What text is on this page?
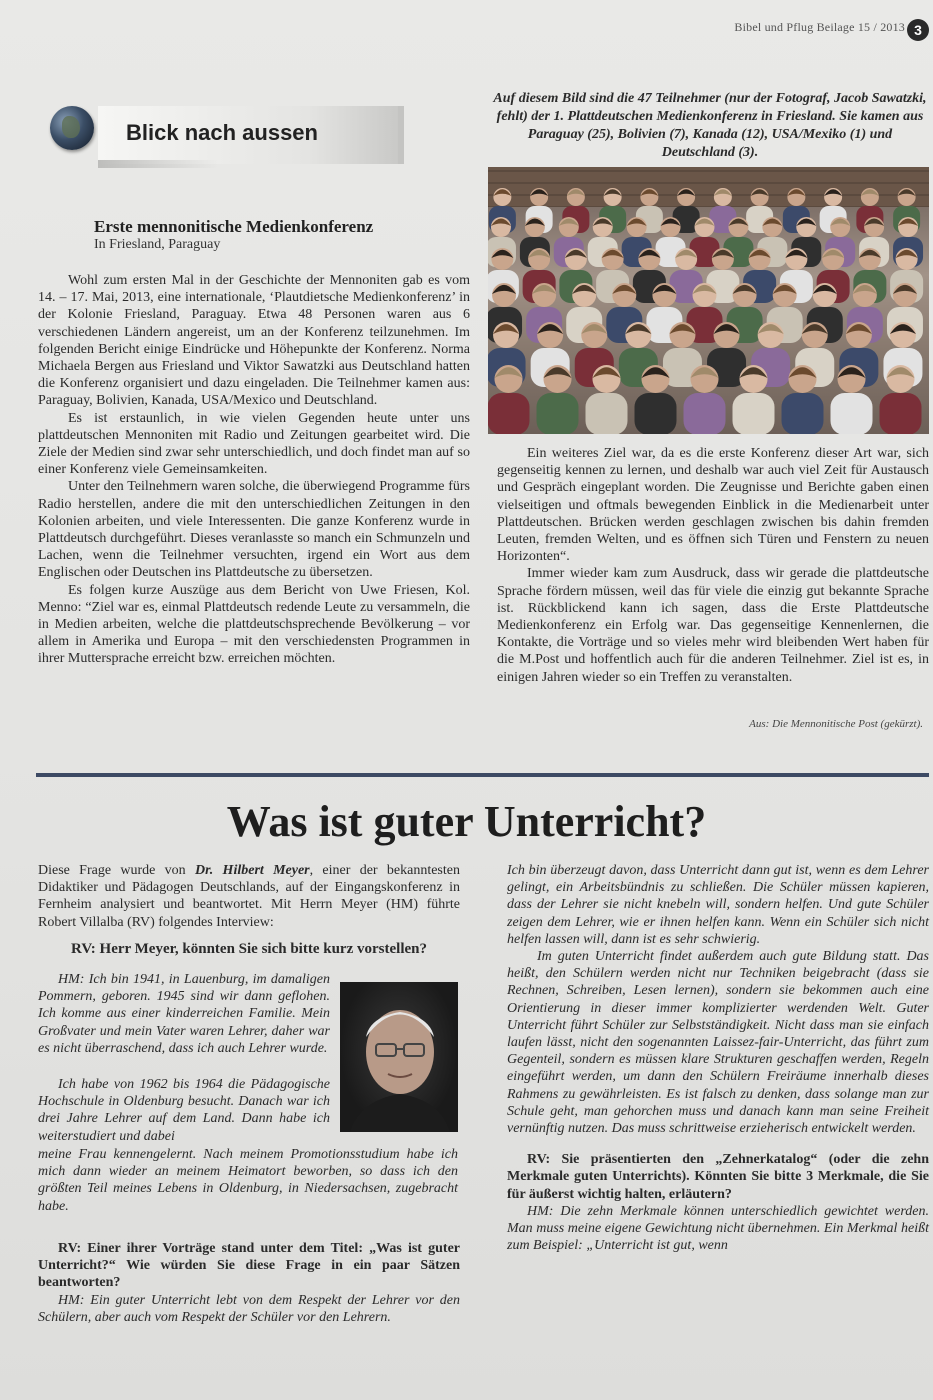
Bibel und Pflug Beilage 15 / 2013 3
Blick nach aussen
Erste mennonitische Medienkonferenz
In Friesland, Paraguay

Wohl zum ersten Mal in der Geschichte der Mennoniten gab es vom 14. – 17. Mai, 2013, eine internationale, ‘Plautdietsche Medienkonferenz’ in der Kolonie Friesland, Paraguay. Etwa 48 Personen waren aus 6 verschiedenen Ländern angereist, um an der Konferenz teilzunehmen. Im folgenden Bericht einige Eindrücke und Höhepunkte der Konferenz. Norma Michaela Bergen aus Friesland und Viktor Sawatzki aus Deutschland hatten die Konferenz organisiert und dazu eingeladen. Die Teilnehmer kamen aus: Paraguay, Bolivien, Kanada, USA/Mexico und Deutschland.

Es ist erstaunlich, in wie vielen Gegenden heute unter uns plattdeutschen Mennoniten mit Radio und Zeitungen gearbeitet wird. Die Ziele der Medien sind zwar sehr unterschiedlich, und doch findet man auf so einer Konferenz viele Gemeinsamkeiten.

Unter den Teilnehmern waren solche, die überwiegend Programme fürs Radio herstellen, andere die mit den unterschiedlichen Zeitungen in den Kolonien arbeiten, und viele Interessenten. Die ganze Konferenz wurde in Plattdeutsch durchgeführt. Dieses veranlasste so manch ein Schmunzeln und Lachen, wenn die Teilnehmer versuchten, irgend ein Wort aus dem Englischen oder Deutschen ins Plattdeutsche zu übersetzen.

Es folgen kurze Auszüge aus dem Bericht von Uwe Friesen, Kol. Menno: “Ziel war es, einmal Plattdeutsch redende Leute zu versammeln, die in Medien arbeiten, welche die plattdeutschsprechende Bevölkerung – vor allem in Amerika und Europa – mit den verschiedensten Programmen in ihrer Muttersprache erreicht bzw. erreichen möchten.

Auf diesem Bild sind die 47 Teilnehmer (nur der Fotograf, Jacob Sawatzki, fehlt) der 1. Plattdeutschen Medienkonferenz in Friesland. Sie kamen aus Paraguay (25), Bolivien (7), Kanada (12), USA/Mexiko (1) und Deutschland (3).

Ein weiteres Ziel war, da es die erste Konferenz dieser Art war, sich gegenseitig kennen zu lernen, und deshalb war auch viel Zeit für Austausch und Gespräch eingeplant worden. Die Zeugnisse und Berichte gaben einen vielseitigen und oftmals bewegenden Einblick in die Medienarbeit unter Plattdeutschen. Brücken werden geschlagen zwischen bis dahin fremden Leuten, fremden Welten, und es öffnen sich Türen und Fenstern zu neuen Horizonten“.

Immer wieder kam zum Ausdruck, dass wir gerade die plattdeutsche Sprache fördern müssen, weil das für viele die einzig gut bekannte Sprache ist. Rückblickend kann ich sagen, dass die Erste Plattdeutsche Medienkonferenz ein Erfolg war. Das gegenseitige Kennenlernen, die Kontakte, die Vorträge und so vieles mehr wird bleibenden Wert haben für die M.Post und hoffentlich auch für die anderen Teilnehmer. Ziel ist es, in einigen Jahren wieder so ein Treffen zu veranstalten.

Aus: Die Mennonitische Post (gekürzt).
Was ist guter Unterricht?

Diese Frage wurde von Dr. Hilbert Meyer, einer der bekanntesten Didaktiker und Pädagogen Deutschlands, auf der Eingangskonferenz in Fernheim analysiert und beantwortet. Mit Herrn Meyer (HM) führte Robert Villalba (RV) folgendes Interview:

RV: Herr Meyer, könnten Sie sich bitte kurz vorstellen?

HM: Ich bin 1941, in Lauenburg, im damaligen Pommern, geboren. 1945 sind wir dann geflohen. Ich komme aus einer kinderreichen Familie. Mein Großvater und mein Vater waren Lehrer, daher war es nicht überraschend, dass ich auch Lehrer wurde.
Ich habe von 1962 bis 1964 die Pädagogische Hochschule in Oldenburg besucht. Danach war ich drei Jahre Lehrer auf dem Land. Dann habe ich weiterstudiert und dabei
meine Frau kennengelernt. Nach meinem Promotionsstudium habe ich mich dann wieder an meinem Heimatort beworben, so dass ich den größten Teil meines Lebens in Oldenburg, in Niedersachsen, zugebracht habe.

RV: Einer ihrer Vorträge stand unter dem Titel: „Was ist guter Unterricht?“ Wie würden Sie diese Frage in ein paar Sätzen beantworten?

HM: Ein guter Unterricht lebt von dem Respekt der Lehrer vor den Schülern, aber auch vom Respekt der Schüler vor den Lehrern.

Ich bin überzeugt davon, dass Unterricht dann gut ist, wenn es dem Lehrer gelingt, ein Arbeitsbündnis zu schließen. Die Schüler müssen kapieren, dass der Lehrer sie nicht knebeln will, sondern helfen. Und gute Schüler zeigen dem Lehrer, wie er ihnen helfen kann. Wenn ein Schüler sich nicht helfen lassen will, dann ist es sehr schwierig.

Im guten Unterricht findet außerdem auch gute Bildung statt. Das heißt, den Schülern werden nicht nur Techniken beigebracht (dass sie Rechnen, Schreiben, Lesen lernen), sondern sie bekommen auch eine Orientierung in dieser immer komplizierter werdenden Welt. Guter Unterricht führt Schüler zur Selbstständigkeit. Nicht dass man sie einfach laufen lässt, nicht den sogenannten Laissez-fair-Unterricht, das führt zum Gegenteil, sondern es müssen klare Strukturen geschaffen werden, Regeln eingeführt werden, um dann den Schülern Freiräume innerhalb dieses Rahmens zu gewährleisten. Es ist falsch zu denken, dass solange man zur Schule geht, man gehorchen muss und danach kann man seine Freiheit vernünftig nutzen. Das muss schrittweise erzieherisch entwickelt werden.

RV: Sie präsentierten den „Zehnerkatalog“ (oder die zehn Merkmale guten Unterrichts). Könnten Sie bitte 3 Merkmale, die Sie für äußerst wichtig halten, erläutern?

HM: Die zehn Merkmale können unterschiedlich gewichtet werden. Man muss meine eigene Gewichtung nicht übernehmen. Ein Merkmal heißt zum Beispiel: „Unterricht ist gut, wenn
